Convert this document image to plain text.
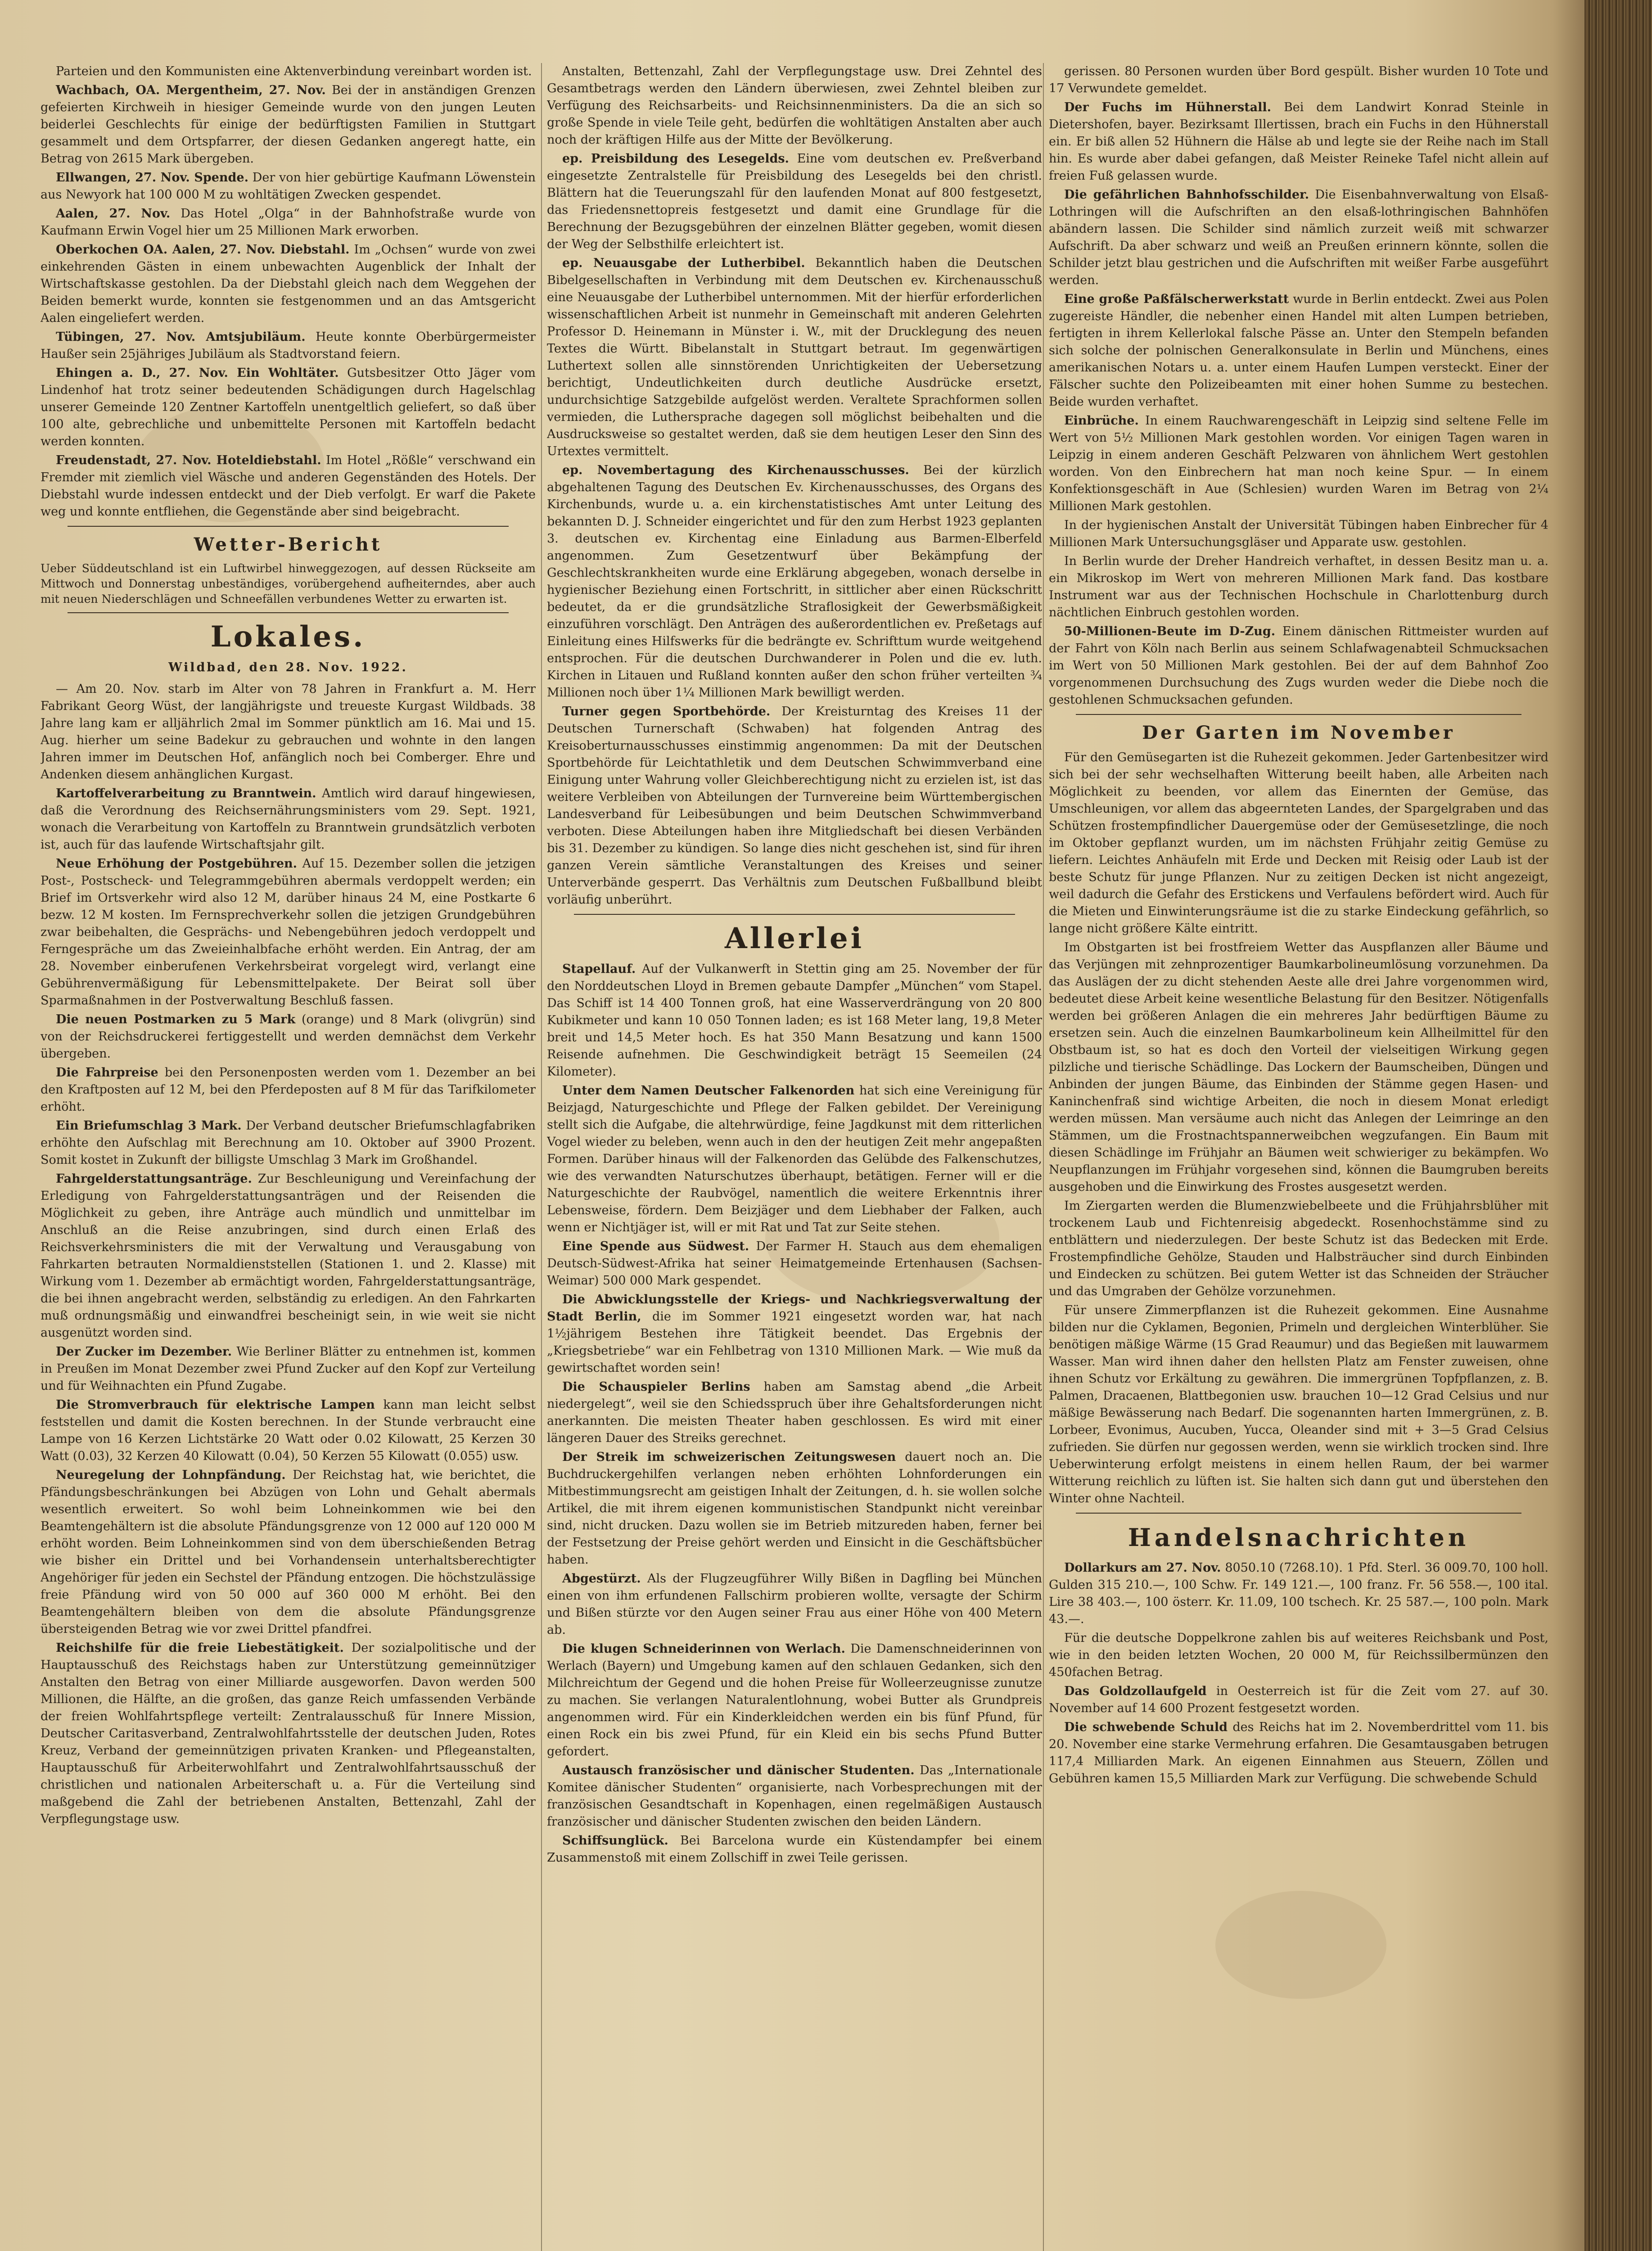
Parteien und den Kommunisten eine Aktenverbindung vereinbart worden ist.

Wachbach, OA. Mergentheim, 27. Nov. Bei der in anständigen Grenzen gefeierten Kirchweih in hiesiger Gemeinde wurde von den jungen Leuten beiderlei Geschlechts für einige der bedürftigsten Familien in Stuttgart gesammelt und dem Ortspfarrer, der diesen Gedanken angeregt hatte, ein Betrag von 2615 Mark übergeben.

Ellwangen, 27. Nov. Spende. Der von hier gebürtige Kaufmann Löwenstein aus Newyork hat 100 000 M zu wohltätigen Zwecken gespendet.

Aalen, 27. Nov. Das Hotel „Olga“ in der Bahnhofstraße wurde von Kaufmann Erwin Vogel hier um 25 Millionen Mark erworben.

Oberkochen OA. Aalen, 27. Nov. Diebstahl. Im „Ochsen“ wurde von zwei einkehrenden Gästen in einem unbewachten Augenblick der Inhalt der Wirtschaftskasse gestohlen. Da der Diebstahl gleich nach dem Weggehen der Beiden bemerkt wurde, konnten sie festgenommen und an das Amtsgericht Aalen eingeliefert werden.

Tübingen, 27. Nov. Amtsjubiläum. Heute konnte Oberbürgermeister Haußer sein 25jähriges Jubiläum als Stadtvorstand feiern.

Ehingen a. D., 27. Nov. Ein Wohltäter. Gutsbesitzer Otto Jäger vom Lindenhof hat trotz seiner bedeutenden Schädigungen durch Hagelschlag unserer Gemeinde 120 Zentner Kartoffeln unentgeltlich geliefert, so daß über 100 alte, gebrechliche und unbemittelte Personen mit Kartoffeln bedacht werden konnten.

Freudenstadt, 27. Nov. Hoteldiebstahl. Im Hotel „Rößle“ verschwand ein Fremder mit ziemlich viel Wäsche und anderen Gegenständen des Hotels. Der Diebstahl wurde indessen entdeckt und der Dieb verfolgt. Er warf die Pakete weg und konnte entfliehen, die Gegenstände aber sind beigebracht.

Wetter-Bericht

Ueber Süddeutschland ist ein Luftwirbel hinweggezogen, auf dessen Rückseite am Mittwoch und Donnerstag unbeständiges, vorübergehend aufheiterndes, aber auch mit neuen Niederschlägen und Schneefällen verbundenes Wetter zu erwarten ist.

Lokales.
Wildbad, den 28. Nov. 1922.

— Am 20. Nov. starb im Alter von 78 Jahren in Frankfurt a. M. Herr Fabrikant Georg Wüst, der langjährigste und treueste Kurgast Wildbads. 38 Jahre lang kam er alljährlich 2mal im Sommer pünktlich am 16. Mai und 15. Aug. hierher um seine Badekur zu gebrauchen und wohnte in den langen Jahren immer im Deutschen Hof, anfänglich noch bei Comberger. Ehre und Andenken diesem anhänglichen Kurgast.

Kartoffelverarbeitung zu Branntwein. Amtlich wird darauf hingewiesen, daß die Verordnung des Reichsernährungsministers vom 29. Sept. 1921, wonach die Verarbeitung von Kartoffeln zu Branntwein grundsätzlich verboten ist, auch für das laufende Wirtschaftsjahr gilt.

Neue Erhöhung der Postgebühren. Auf 15. Dezember sollen die jetzigen Post-, Postscheck- und Telegrammgebühren abermals verdoppelt werden; ein Brief im Ortsverkehr wird also 12 M, darüber hinaus 24 M, eine Postkarte 6 bezw. 12 M kosten. Im Fernsprechverkehr sollen die jetzigen Grundgebühren zwar beibehalten, die Gesprächs- und Nebengebühren jedoch verdoppelt und Ferngespräche um das Zweieinhalbfache erhöht werden. Ein Antrag, der am 28. November einberufenen Verkehrsbeirat vorgelegt wird, verlangt eine Gebührenvermäßigung für Lebensmittelpakete. Der Beirat soll über Sparmaßnahmen in der Postverwaltung Beschluß fassen.

Die neuen Postmarken zu 5 Mark (orange) und 8 Mark (olivgrün) sind von der Reichsdruckerei fertiggestellt und werden demnächst dem Verkehr übergeben.

Die Fahrpreise bei den Personenposten werden vom 1. Dezember an bei den Kraftposten auf 12 M, bei den Pferdeposten auf 8 M für das Tarifkilometer erhöht.

Ein Briefumschlag 3 Mark. Der Verband deutscher Briefumschlagfabriken erhöhte den Aufschlag mit Berechnung am 10. Oktober auf 3900 Prozent. Somit kostet in Zukunft der billigste Umschlag 3 Mark im Großhandel.

Fahrgelderstattungsanträge. Zur Beschleunigung und Vereinfachung der Erledigung von Fahrgelderstattungsanträgen und der Reisenden die Möglichkeit zu geben, ihre Anträge auch mündlich und unmittelbar im Anschluß an die Reise anzubringen, sind durch einen Erlaß des Reichsverkehrsministers die mit der Verwaltung und Verausgabung von Fahrkarten betrauten Normaldienststellen (Stationen 1. und 2. Klasse) mit Wirkung vom 1. Dezember ab ermächtigt worden, Fahrgelderstattungsanträge, die bei ihnen angebracht werden, selbständig zu erledigen. An den Fahrkarten muß ordnungsmäßig und einwandfrei bescheinigt sein, in wie weit sie nicht ausgenützt worden sind.

Der Zucker im Dezember. Wie Berliner Blätter zu entnehmen ist, kommen in Preußen im Monat Dezember zwei Pfund Zucker auf den Kopf zur Verteilung und für Weihnachten ein Pfund Zugabe.

Die Stromverbrauch für elektrische Lampen kann man leicht selbst feststellen und damit die Kosten berechnen. In der Stunde verbraucht eine Lampe von 16 Kerzen Lichtstärke 20 Watt oder 0.02 Kilowatt, 25 Kerzen 30 Watt (0.03), 32 Kerzen 40 Kilowatt (0.04), 50 Kerzen 55 Kilowatt (0.055) usw.

Neuregelung der Lohnpfändung. Der Reichstag hat, wie berichtet, die Pfändungsbeschränkungen bei Abzügen von Lohn und Gehalt abermals wesentlich erweitert. So wohl beim Lohneinkommen wie bei den Beamtengehältern ist die absolute Pfändungsgrenze von 12 000 auf 120 000 M erhöht worden. Beim Lohneinkommen sind von dem überschießenden Betrag wie bisher ein Drittel und bei Vorhandensein unterhaltsberechtigter Angehöriger für jeden ein Sechstel der Pfändung entzogen. Die höchstzulässige freie Pfändung wird von 50 000 auf 360 000 M erhöht. Bei den Beamtengehältern bleiben von dem die absolute Pfändungsgrenze übersteigenden Betrag wie vor zwei Drittel pfandfrei.

Reichshilfe für die freie Liebestätigkeit. Der sozialpolitische und der Hauptausschuß des Reichstags haben zur Unterstützung gemeinnütziger Anstalten den Betrag von einer Milliarde ausgeworfen. Davon werden 500 Millionen, die Hälfte, an die großen, das ganze Reich umfassenden Verbände der freien Wohlfahrtspflege verteilt: Zentralausschuß für Innere Mission, Deutscher Caritasverband, Zentralwohlfahrtsstelle der deutschen Juden, Rotes Kreuz, Verband der gemeinnützigen privaten Kranken- und Pflegeanstalten, Hauptausschuß für Arbeiterwohlfahrt und Zentralwohlfahrtsausschuß der christlichen und nationalen Arbeiterschaft u. a. Für die Verteilung sind maßgebend die Zahl der betriebenen Anstalten, Bettenzahl, Zahl der Verpflegungstage usw.

Anstalten, Bettenzahl, Zahl der Verpflegungstage usw. Drei Zehntel des Gesamtbetrags werden den Ländern überwiesen, zwei Zehntel bleiben zur Verfügung des Reichsarbeits- und Reichsinnenministers. Da die an sich so große Spende in viele Teile geht, bedürfen die wohltätigen Anstalten aber auch noch der kräftigen Hilfe aus der Mitte der Bevölkerung.

ep. Preisbildung des Lesegelds. Eine vom deutschen ev. Preßverband eingesetzte Zentralstelle für Preisbildung des Lesegelds bei den christl. Blättern hat die Teuerungszahl für den laufenden Monat auf 800 festgesetzt, das Friedensnettopreis festgesetzt und damit eine Grundlage für die Berechnung der Bezugsgebühren der einzelnen Blätter gegeben, womit diesen der Weg der Selbsthilfe erleichtert ist.

ep. Neuausgabe der Lutherbibel. Bekanntlich haben die Deutschen Bibelgesellschaften in Verbindung mit dem Deutschen ev. Kirchenausschuß eine Neuausgabe der Lutherbibel unternommen. Mit der hierfür erforderlichen wissenschaftlichen Arbeit ist nunmehr in Gemeinschaft mit anderen Gelehrten Professor D. Heinemann in Münster i. W., mit der Drucklegung des neuen Textes die Württ. Bibelanstalt in Stuttgart betraut. Im gegenwärtigen Luthertext sollen alle sinnstörenden Unrichtigkeiten der Uebersetzung berichtigt, Undeutlichkeiten durch deutliche Ausdrücke ersetzt, undurchsichtige Satzgebilde aufgelöst werden. Veraltete Sprachformen sollen vermieden, die Luthersprache dagegen soll möglichst beibehalten und die Ausdrucksweise so gestaltet werden, daß sie dem heutigen Leser den Sinn des Urtextes vermittelt.

ep. Novembertagung des Kirchenausschusses. Bei der kürzlich abgehaltenen Tagung des Deutschen Ev. Kirchenausschusses, des Organs des Kirchenbunds, wurde u. a. ein kirchenstatistisches Amt unter Leitung des bekannten D. J. Schneider eingerichtet und für den zum Herbst 1923 geplanten 3. deutschen ev. Kirchentag eine Einladung aus Barmen-Elberfeld angenommen. Zum Gesetzentwurf über Bekämpfung der Geschlechtskrankheiten wurde eine Erklärung abgegeben, wonach derselbe in hygienischer Beziehung einen Fortschritt, in sittlicher aber einen Rückschritt bedeutet, da er die grundsätzliche Straflosigkeit der Gewerbsmäßigkeit einzuführen vorschlägt. Den Anträgen des außerordentlichen ev. Preßetags auf Einleitung eines Hilfswerks für die bedrängte ev. Schrifttum wurde weitgehend entsprochen. Für die deutschen Durchwanderer in Polen und die ev. luth. Kirchen in Litauen und Rußland konnten außer den schon früher verteilten ¾ Millionen noch über 1¼ Millionen Mark bewilligt werden.

Turner gegen Sportbehörde. Der Kreisturntag des Kreises 11 der Deutschen Turnerschaft (Schwaben) hat folgenden Antrag des Kreisoberturnausschusses einstimmig angenommen: Da mit der Deutschen Sportbehörde für Leichtathletik und dem Deutschen Schwimmverband eine Einigung unter Wahrung voller Gleichberechtigung nicht zu erzielen ist, ist das weitere Verbleiben von Abteilungen der Turnvereine beim Württembergischen Landesverband für Leibesübungen und beim Deutschen Schwimmverband verboten. Diese Abteilungen haben ihre Mitgliedschaft bei diesen Verbänden bis 31. Dezember zu kündigen. So lange dies nicht geschehen ist, sind für ihren ganzen Verein sämtliche Veranstaltungen des Kreises und seiner Unterverbände gesperrt. Das Verhältnis zum Deutschen Fußballbund bleibt vorläufig unberührt.

Allerlei

Stapellauf. Auf der Vulkanwerft in Stettin ging am 25. November der für den Norddeutschen Lloyd in Bremen gebaute Dampfer „München“ vom Stapel. Das Schiff ist 14 400 Tonnen groß, hat eine Wasserverdrängung von 20 800 Kubikmeter und kann 10 050 Tonnen laden; es ist 168 Meter lang, 19,8 Meter breit und 14,5 Meter hoch. Es hat 350 Mann Besatzung und kann 1500 Reisende aufnehmen. Die Geschwindigkeit beträgt 15 Seemeilen (24 Kilometer).

Unter dem Namen Deutscher Falkenorden hat sich eine Vereinigung für Beizjagd, Naturgeschichte und Pflege der Falken gebildet. Der Vereinigung stellt sich die Aufgabe, die altehrwürdige, feine Jagdkunst mit dem ritterlichen Vogel wieder zu beleben, wenn auch in den der heutigen Zeit mehr angepaßten Formen. Darüber hinaus will der Falkenorden das Gelübde des Falkenschutzes, wie des verwandten Naturschutzes überhaupt, betätigen. Ferner will er die Naturgeschichte der Raubvögel, namentlich die weitere Erkenntnis ihrer Lebensweise, fördern. Dem Beizjäger und dem Liebhaber der Falken, auch wenn er Nichtjäger ist, will er mit Rat und Tat zur Seite stehen.

Eine Spende aus Südwest. Der Farmer H. Stauch aus dem ehemaligen Deutsch-Südwest-Afrika hat seiner Heimatgemeinde Ertenhausen (Sachsen-Weimar) 500 000 Mark gespendet.

Die Abwicklungsstelle der Kriegs- und Nachkriegsverwaltung der Stadt Berlin, die im Sommer 1921 eingesetzt worden war, hat nach 1½jährigem Bestehen ihre Tätigkeit beendet. Das Ergebnis der „Kriegsbetriebe“ war ein Fehlbetrag von 1310 Millionen Mark. — Wie muß da gewirtschaftet worden sein!

Die Schauspieler Berlins haben am Samstag abend „die Arbeit niedergelegt“, weil sie den Schiedsspruch über ihre Gehaltsforderungen nicht anerkannten. Die meisten Theater haben geschlossen. Es wird mit einer längeren Dauer des Streiks gerechnet.

Der Streik im schweizerischen Zeitungswesen dauert noch an. Die Buchdruckergehilfen verlangen neben erhöhten Lohnforderungen ein Mitbestimmungsrecht am geistigen Inhalt der Zeitungen, d. h. sie wollen solche Artikel, die mit ihrem eigenen kommunistischen Standpunkt nicht vereinbar sind, nicht drucken. Dazu wollen sie im Betrieb mitzureden haben, ferner bei der Festsetzung der Preise gehört werden und Einsicht in die Geschäftsbücher haben.

Abgestürzt. Als der Flugzeugführer Willy Bißen in Dagfling bei München einen von ihm erfundenen Fallschirm probieren wollte, versagte der Schirm und Bißen stürzte vor den Augen seiner Frau aus einer Höhe von 400 Metern ab.

Die klugen Schneiderinnen von Werlach. Die Damenschneiderinnen von Werlach (Bayern) und Umgebung kamen auf den schlauen Gedanken, sich den Milchreichtum der Gegend und die hohen Preise für Wolleerzeugnisse zunutze zu machen. Sie verlangen Naturalentlohnung, wobei Butter als Grundpreis angenommen wird. Für ein Kinderkleidchen werden ein bis fünf Pfund, für einen Rock ein bis zwei Pfund, für ein Kleid ein bis sechs Pfund Butter gefordert.

Austausch französischer und dänischer Studenten. Das „Internationale Komitee dänischer Studenten“ organisierte, nach Vorbesprechungen mit der französischen Gesandtschaft in Kopenhagen, einen regelmäßigen Austausch französischer und dänischer Studenten zwischen den beiden Ländern.

Schiffsunglück. Bei Barcelona wurde ein Küstendampfer bei einem Zusammenstoß mit einem Zollschiff in zwei Teile gerissen.

gerissen. 80 Personen wurden über Bord gespült. Bisher wurden 10 Tote und 17 Verwundete gemeldet.

Der Fuchs im Hühnerstall. Bei dem Landwirt Konrad Steinle in Dietershofen, bayer. Bezirksamt Illertissen, brach ein Fuchs in den Hühnerstall ein. Er biß allen 52 Hühnern die Hälse ab und legte sie der Reihe nach im Stall hin. Es wurde aber dabei gefangen, daß Meister Reineke Tafel nicht allein auf freien Fuß gelassen wurde.

Die gefährlichen Bahnhofsschilder. Die Eisenbahnverwaltung von Elsaß-Lothringen will die Aufschriften an den elsaß-lothringischen Bahnhöfen abändern lassen. Die Schilder sind nämlich zurzeit weiß mit schwarzer Aufschrift. Da aber schwarz und weiß an Preußen erinnern könnte, sollen die Schilder jetzt blau gestrichen und die Aufschriften mit weißer Farbe ausgeführt werden.

Eine große Paßfälscherwerkstatt wurde in Berlin entdeckt. Zwei aus Polen zugereiste Händler, die nebenher einen Handel mit alten Lumpen betrieben, fertigten in ihrem Kellerlokal falsche Pässe an. Unter den Stempeln befanden sich solche der polnischen Generalkonsulate in Berlin und Münchens, eines amerikanischen Notars u. a. unter einem Haufen Lumpen versteckt. Einer der Fälscher suchte den Polizeibeamten mit einer hohen Summe zu bestechen. Beide wurden verhaftet.

Einbrüche. In einem Rauchwarengeschäft in Leipzig sind seltene Felle im Wert von 5½ Millionen Mark gestohlen worden. Vor einigen Tagen waren in Leipzig in einem anderen Geschäft Pelzwaren von ähnlichem Wert gestohlen worden. Von den Einbrechern hat man noch keine Spur. — In einem Konfektionsgeschäft in Aue (Schlesien) wurden Waren im Betrag von 2¼ Millionen Mark gestohlen.

In der hygienischen Anstalt der Universität Tübingen haben Einbrecher für 4 Millionen Mark Untersuchungsgläser und Apparate usw. gestohlen.

In Berlin wurde der Dreher Handreich verhaftet, in dessen Besitz man u. a. ein Mikroskop im Wert von mehreren Millionen Mark fand. Das kostbare Instrument war aus der Technischen Hochschule in Charlottenburg durch nächtlichen Einbruch gestohlen worden.

50-Millionen-Beute im D-Zug. Einem dänischen Rittmeister wurden auf der Fahrt von Köln nach Berlin aus seinem Schlafwagenabteil Schmucksachen im Wert von 50 Millionen Mark gestohlen. Bei der auf dem Bahnhof Zoo vorgenommenen Durchsuchung des Zugs wurden weder die Diebe noch die gestohlenen Schmucksachen gefunden.

Der Garten im November

Für den Gemüsegarten ist die Ruhezeit gekommen. Jeder Gartenbesitzer wird sich bei der sehr wechselhaften Witterung beeilt haben, alle Arbeiten nach Möglichkeit zu beenden, vor allem das Einernten der Gemüse, das Umschleunigen, vor allem das abgeernteten Landes, der Spargelgraben und das Schützen frostempfindlicher Dauergemüse oder der Gemüsesetzlinge, die noch im Oktober gepflanzt wurden, um im nächsten Frühjahr zeitig Gemüse zu liefern. Leichtes Anhäufeln mit Erde und Decken mit Reisig oder Laub ist der beste Schutz für junge Pflanzen. Nur zu zeitigen Decken ist nicht angezeigt, weil dadurch die Gefahr des Erstickens und Verfaulens befördert wird. Auch für die Mieten und Einwinterungsräume ist die zu starke Eindeckung gefährlich, so lange nicht größere Kälte eintritt.

Im Obstgarten ist bei frostfreiem Wetter das Auspflanzen aller Bäume und das Verjüngen mit zehnprozentiger Baumkarbolineumlösung vorzunehmen. Da das Auslägen der zu dicht stehenden Aeste alle drei Jahre vorgenommen wird, bedeutet diese Arbeit keine wesentliche Belastung für den Besitzer. Nötigenfalls werden bei größeren Anlagen die ein mehreres Jahr bedürftigen Bäume zu ersetzen sein. Auch die einzelnen Baumkarbolineum kein Allheilmittel für den Obstbaum ist, so hat es doch den Vorteil der vielseitigen Wirkung gegen pilzliche und tierische Schädlinge. Das Lockern der Baumscheiben, Düngen und Anbinden der jungen Bäume, das Einbinden der Stämme gegen Hasen- und Kaninchenfraß sind wichtige Arbeiten, die noch in diesem Monat erledigt werden müssen. Man versäume auch nicht das Anlegen der Leimringe an den Stämmen, um die Frostnachtspannerweibchen wegzufangen. Ein Baum mit diesen Schädlinge im Frühjahr an Bäumen weit schwieriger zu bekämpfen. Wo Neupflanzungen im Frühjahr vorgesehen sind, können die Baumgruben bereits ausgehoben und die Einwirkung des Frostes ausgesetzt werden.

Im Ziergarten werden die Blumenzwiebelbeete und die Frühjahrsblüher mit trockenem Laub und Fichtenreisig abgedeckt. Rosenhochstämme sind zu entblättern und niederzulegen. Der beste Schutz ist das Bedecken mit Erde. Frostempfindliche Gehölze, Stauden und Halbsträucher sind durch Einbinden und Eindecken zu schützen. Bei gutem Wetter ist das Schneiden der Sträucher und das Umgraben der Gehölze vorzunehmen.

Für unsere Zimmerpflanzen ist die Ruhezeit gekommen. Eine Ausnahme bilden nur die Cyklamen, Begonien, Primeln und dergleichen Winterblüher. Sie benötigen mäßige Wärme (15 Grad Reaumur) und das Begießen mit lauwarmem Wasser. Man wird ihnen daher den hellsten Platz am Fenster zuweisen, ohne ihnen Schutz vor Erkältung zu gewähren. Die immergrünen Topfpflanzen, z. B. Palmen, Dracaenen, Blattbegonien usw. brauchen 10—12 Grad Celsius und nur mäßige Bewässerung nach Bedarf. Die sogenannten harten Immergrünen, z. B. Lorbeer, Evonimus, Aucuben, Yucca, Oleander sind mit + 3—5 Grad Celsius zufrieden. Sie dürfen nur gegossen werden, wenn sie wirklich trocken sind. Ihre Ueberwinterung erfolgt meistens in einem hellen Raum, der bei warmer Witterung reichlich zu lüften ist. Sie halten sich dann gut und überstehen den Winter ohne Nachteil.

Handelsnachrichten

Dollarkurs am 27. Nov. 8050.10 (7268.10). 1 Pfd. Sterl. 36 009.70, 100 holl. Gulden 315 210.—, 100 Schw. Fr. 149 121.—, 100 franz. Fr. 56 558.—, 100 ital. Lire 38 403.—, 100 österr. Kr. 11.09, 100 tschech. Kr. 25 587.—, 100 poln. Mark 43.—.

Für die deutsche Doppelkrone zahlen bis auf weiteres Reichsbank und Post, wie in den beiden letzten Wochen, 20 000 M, für Reichssilbermünzen den 450fachen Betrag.

Das Goldzollaufgeld in Oesterreich ist für die Zeit vom 27. auf 30. November auf 14 600 Prozent festgesetzt worden.

Die schwebende Schuld des Reichs hat im 2. Novemberdrittel vom 11. bis 20. November eine starke Vermehrung erfahren. Die Gesamtausgaben betrugen 117,4 Milliarden Mark. An eigenen Einnahmen aus Steuern, Zöllen und Gebühren kamen 15,5 Milliarden Mark zur Verfügung. Die schwebende Schuld
